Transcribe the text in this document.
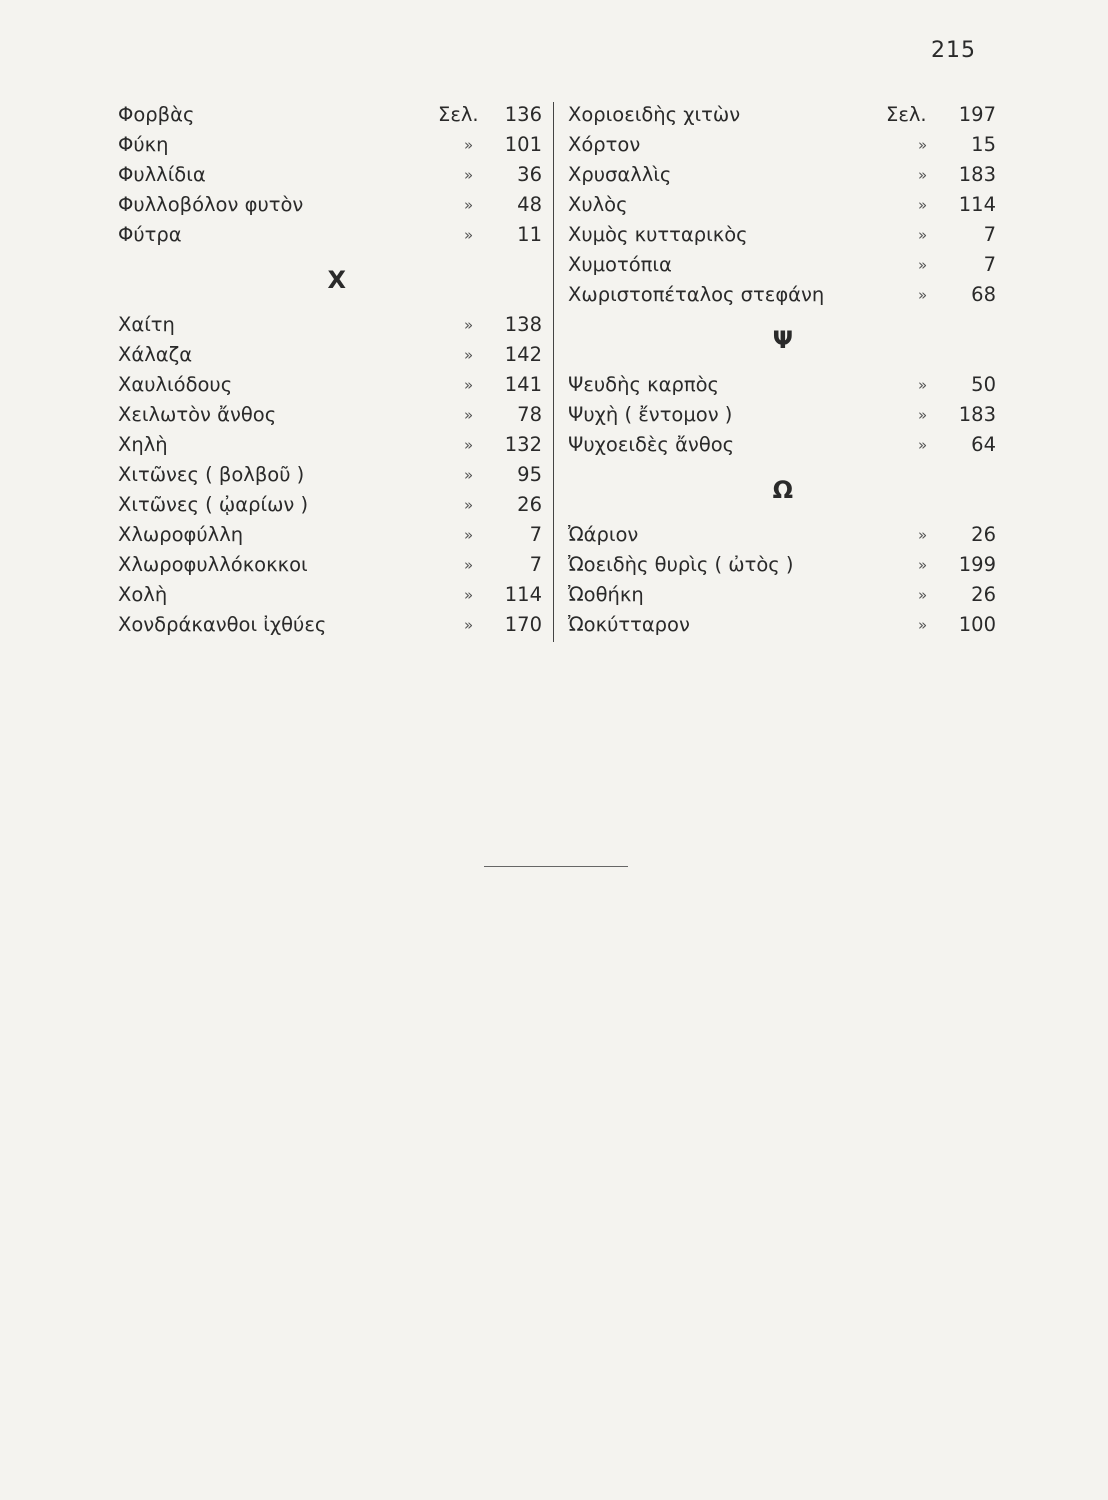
215
Φορβὰς	Σελ. 136
Φύκη	» 101
Φυλλίδια	» 36
Φυλλοβόλον φυτὸν	» 48
Φύτρα	» 11
X
Χαίτη	» 138
Χάλαζα	» 142
Χαυλιόδους	» 141
Χειλωτὸν ἄνθος	» 78
Χηλὴ	» 132
Χιτῶνες ( βολβοῦ )	» 95
Χιτῶνες ( ᾠαρίων )	» 26
Χλωροφύλλη	»	7
Χλωροφυλλόκοκκοι	»	7
Χολὴ	» 114
Χονδράκανθοι ἰχθύες	» 170
Χοριοειδὴς χιτὼν	Σελ. 197
Χόρτον	» 15
Χρυσαλλὶς	» 183
Χυλὸς	» 114
Χυμὸς κυτταρικὸς	»	7
Χυμοτόπια	»	7
Χωριστοπέταλος στεφάνη	» 68
Ψ
Ψευδὴς καρπὸς	» 50
Ψυχὴ ( ἔντομον )	» 183
Ψυχοειδὲς ἄνθος	» 64
Ω
Ὠάριον	» 26
Ὠοειδὴς θυρὶς ( ὠτὸς )	» 199
Ὠοθήκη	» 26
Ὠοκύτταρον	» 100
